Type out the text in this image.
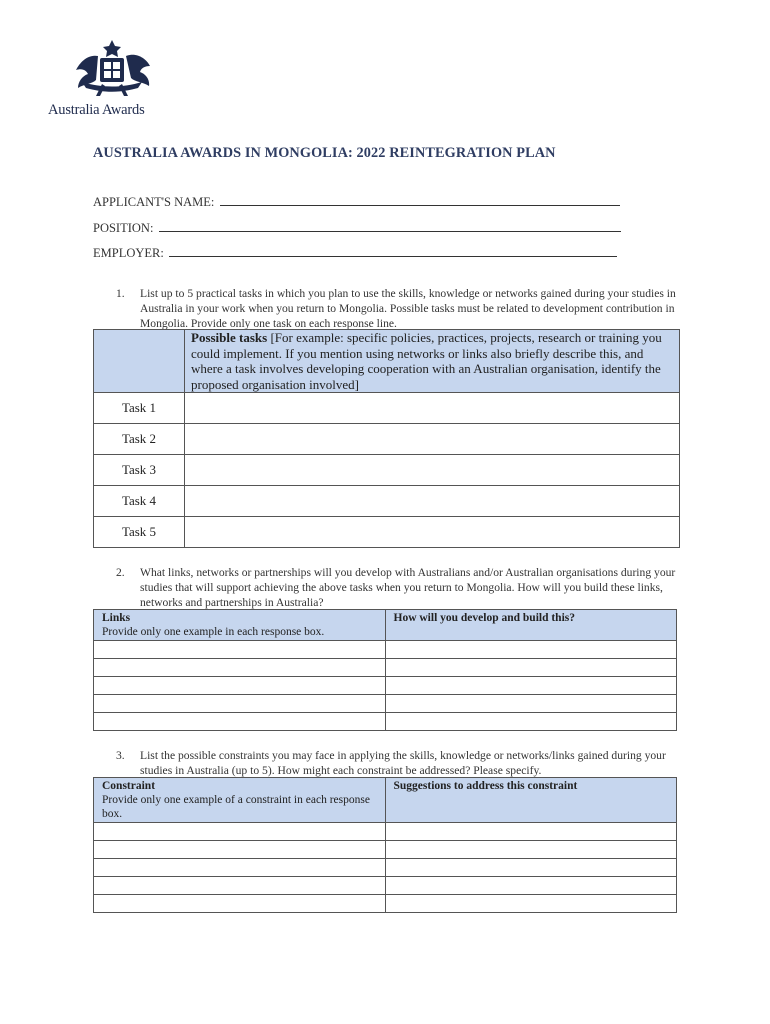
Australia Awards
AUSTRALIA AWARDS IN MONGOLIA: 2022 REINTEGRATION PLAN
APPLICANT'S NAME:
POSITION:
EMPLOYER:
1. List up to 5 practical tasks in which you plan to use the skills, knowledge or networks gained during your studies in Australia in your work when you return to Mongolia. Possible tasks must be related to development contribution in Mongolia. Provide only one task on each response line.
	Possible tasks [For example: specific policies, practices, projects, research or training you could implement. If you mention using networks or links also briefly describe this, and where a task involves developing cooperation with an Australian organisation, identify the proposed organisation involved]
Task 1	
Task 2	
Task 3	
Task 4	
Task 5	
2. What links, networks or partnerships will you develop with Australians and/or Australian organisations during your studies that will support achieving the above tasks when you return to Mongolia. How will you build these links, networks and partnerships in Australia?
Links
Provide only one example in each response box.	How will you develop and build this?

3. List the possible constraints you may face in applying the skills, knowledge or networks/links gained during your studies in Australia (up to 5). How might each constraint be addressed? Please specify.
Constraint
Provide only one example of a constraint in each response box.	Suggestions to address this constraint
